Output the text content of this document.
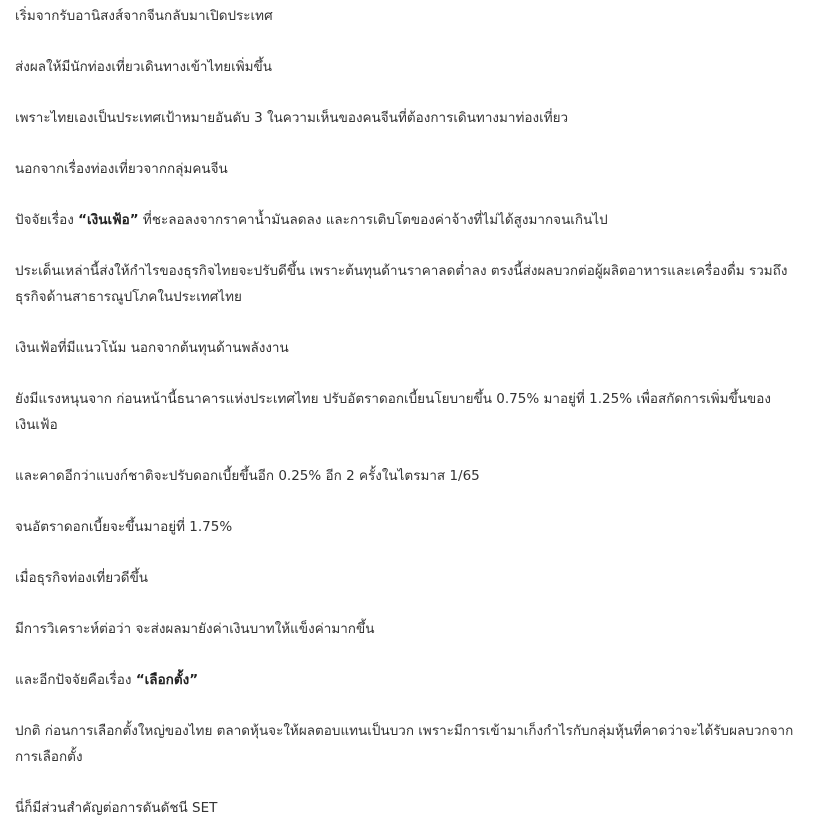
เริ่มจากรับอานิสงส์จากจีนกลับมาเปิดประเทศ

ส่งผลให้มีนักท่องเที่ยวเดินทางเข้าไทยเพิ่มขึ้น

เพราะไทยเองเป็นประเทศเป้าหมายอันดับ 3 ในความเห็นของคนจีนที่ต้องการเดินทางมาท่องเที่ยว

นอกจากเรื่องท่องเที่ยวจากกลุ่มคนจีน

ปัจจัยเรื่อง “เงินเฟ้อ” ที่ชะลอลงจากราคาน้ำมันลดลง และการเติบโตของค่าจ้างที่ไม่ได้สูงมากจนเกินไป

ประเด็นเหล่านี้ส่งให้กำไรของธุรกิจไทยจะปรับดีขึ้น เพราะต้นทุนด้านราคาลดต่ำลง ตรงนี้ส่งผลบวกต่อผู้ผลิตอาหารและเครื่องดื่ม รวมถึงธุรกิจด้านสาธารณูปโภคในประเทศไทย

เงินเฟ้อที่มีแนวโน้ม นอกจากต้นทุนด้านพลังงาน

ยังมีแรงหนุนจาก ก่อนหน้านี้ธนาคารแห่งประเทศไทย ปรับอัตราดอกเบี้ยนโยบายขึ้น 0.75% มาอยู่ที่ 1.25% เพื่อสกัดการเพิ่มขึ้นของเงินเฟ้อ

และคาดอีกว่าแบงก์ชาติจะปรับดอกเบี้ยขึ้นอีก 0.25% อีก 2 ครั้งในไตรมาส 1/65

จนอัตราดอกเบี้ยจะขึ้นมาอยู่ที่ 1.75%

เมื่อธุรกิจท่องเที่ยวดีขึ้น

มีการวิเคราะห์ต่อว่า จะส่งผลมายังค่าเงินบาทให้แข็งค่ามากขึ้น

และอีกปัจจัยคือเรื่อง “เลือกตั้ง”

ปกติ ก่อนการเลือกตั้งใหญ่ของไทย ตลาดหุ้นจะให้ผลตอบแทนเป็นบวก เพราะมีการเข้ามาเก็งกำไรกับกลุ่มหุ้นที่คาดว่าจะได้รับผลบวกจากการเลือกตั้ง

นี่ก็มีส่วนสำคัญต่อการดันดัชนี SET
